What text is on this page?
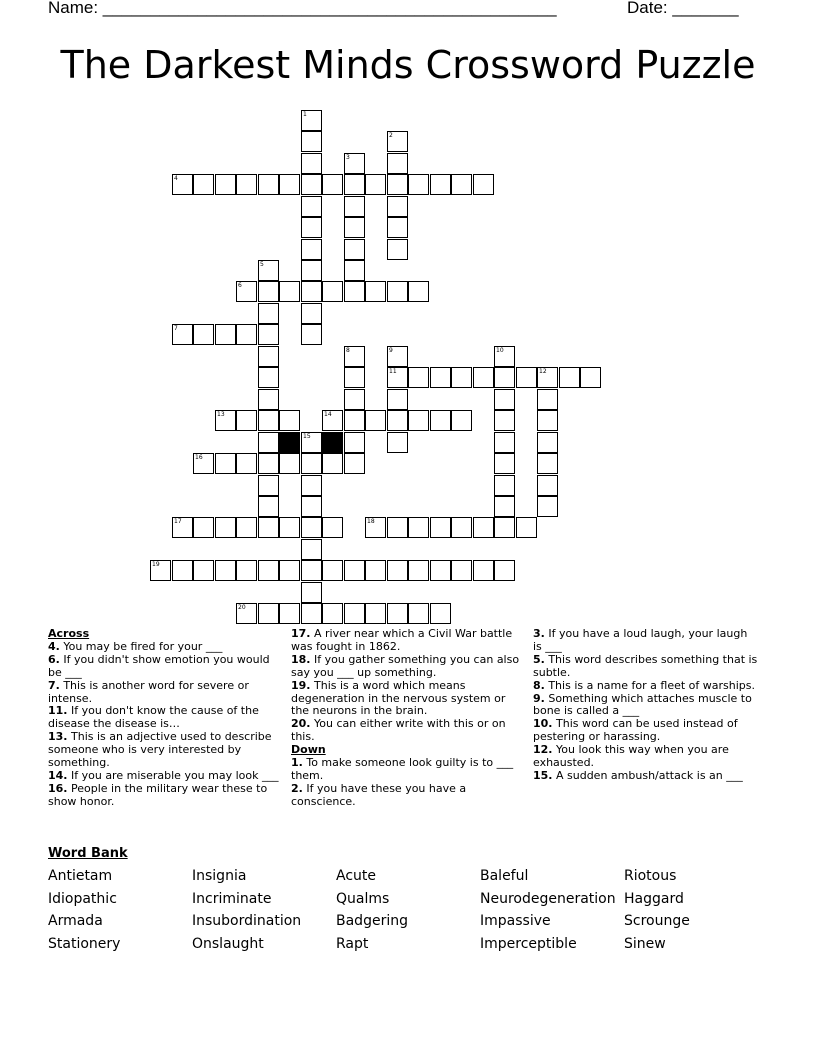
Name: ________________________________________________	Date: _______
The Darkest Minds Crossword Puzzle
1
2
3
4
5
6
7
8	9
11
10
12
13	14
15
16
17	18
19
20
Across

4. You may be fired for your ___

6. If you didn't show emotion you would be ___

7. This is another word for severe or intense.

11. If you don't know the cause of the disease the disease is…

13. This is an adjective used to describe someone who is very interested by something.

14. If you are miserable you may look ___

16. People in the military wear these to show honor.

17. A river near which a Civil War battle was fought in 1862.

18. If you gather something you can also say you ___ up something.

19. This is a word which means degeneration in the nervous system or the neurons in the brain.

20. You can either write with this or on this.

Down

1. To make someone look guilty is to ___ them.

2. If you have these you have a conscience.

3. If you have a loud laugh, your laugh is ___

5. This word describes something that is subtle.

8. This is a name for a fleet of warships.

9. Something which attaches muscle to bone is called a ___

10. This word can be used instead of pestering or harassing.

12. You look this way when you are exhausted.

15. A sudden ambush/attack is an ___

Word Bank
Antietam	Insignia	Acute	Baleful	Riotous
Idiopathic	Incriminate	Qualms	Neurodegeneration Haggard
Armada	Insubordination Badgering	Impassive	Scrounge
Stationery	Onslaught	Rapt	Imperceptible	Sinew
